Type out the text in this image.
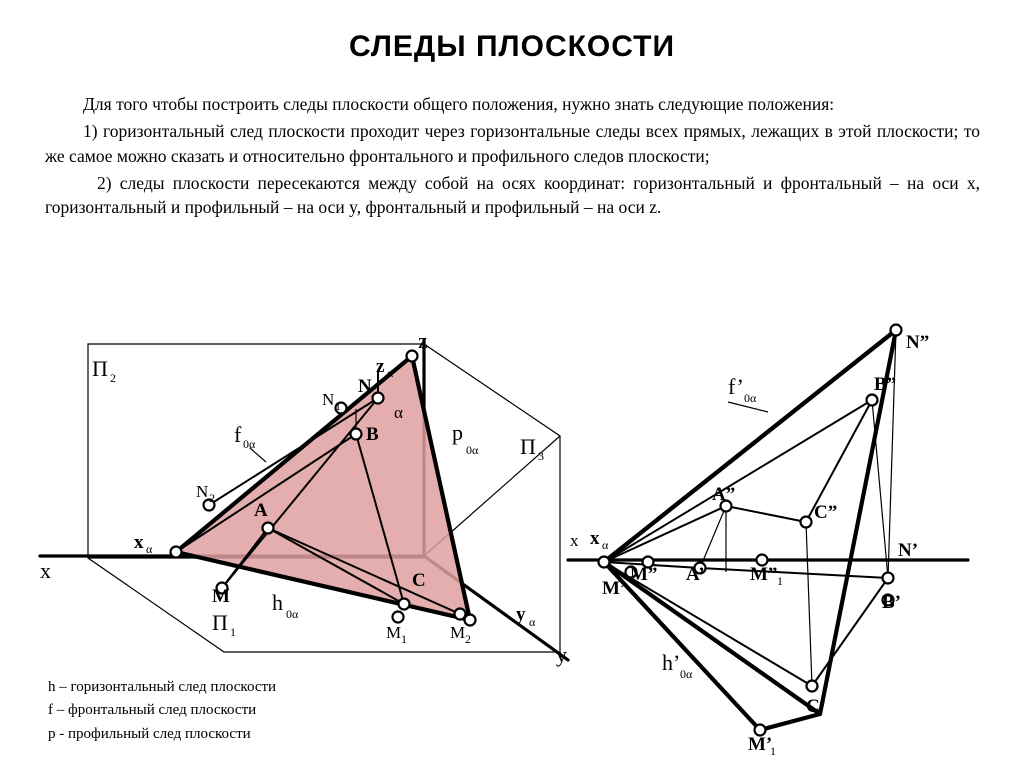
СЛЕДЫ ПЛОСКОСТИ

Для того чтобы построить следы плоскости общего положения, нужно знать следующие положения:

1) горизонтальный след плоскости проходит через горизонтальные следы всех прямых, лежащих в этой плоскости; то же самое можно сказать и относительно фронтального и профильного следов плоскости;

2) следы плоскости пересекаются между собой на осях координат: горизонтальный и фронтальный – на оси x, горизонтальный и профильный – на оси y, фронтальный и профильный – на оси z.

h – горизонтальный след плоскости
f – фронтальный след плоскости
p - профильный след плоскости
П 2
П 3
П 1
x
y
z
x α
y α
z α
N
N 1
N 2
B
A
C
M
M 1	M 2
f 0α	p
0α
h 0α
α
x x α
N”
N’
B”
B’
C”
C’
A”
A’
M”
M’
M” 1
M’
1
f’ 0α
h’ 0α
